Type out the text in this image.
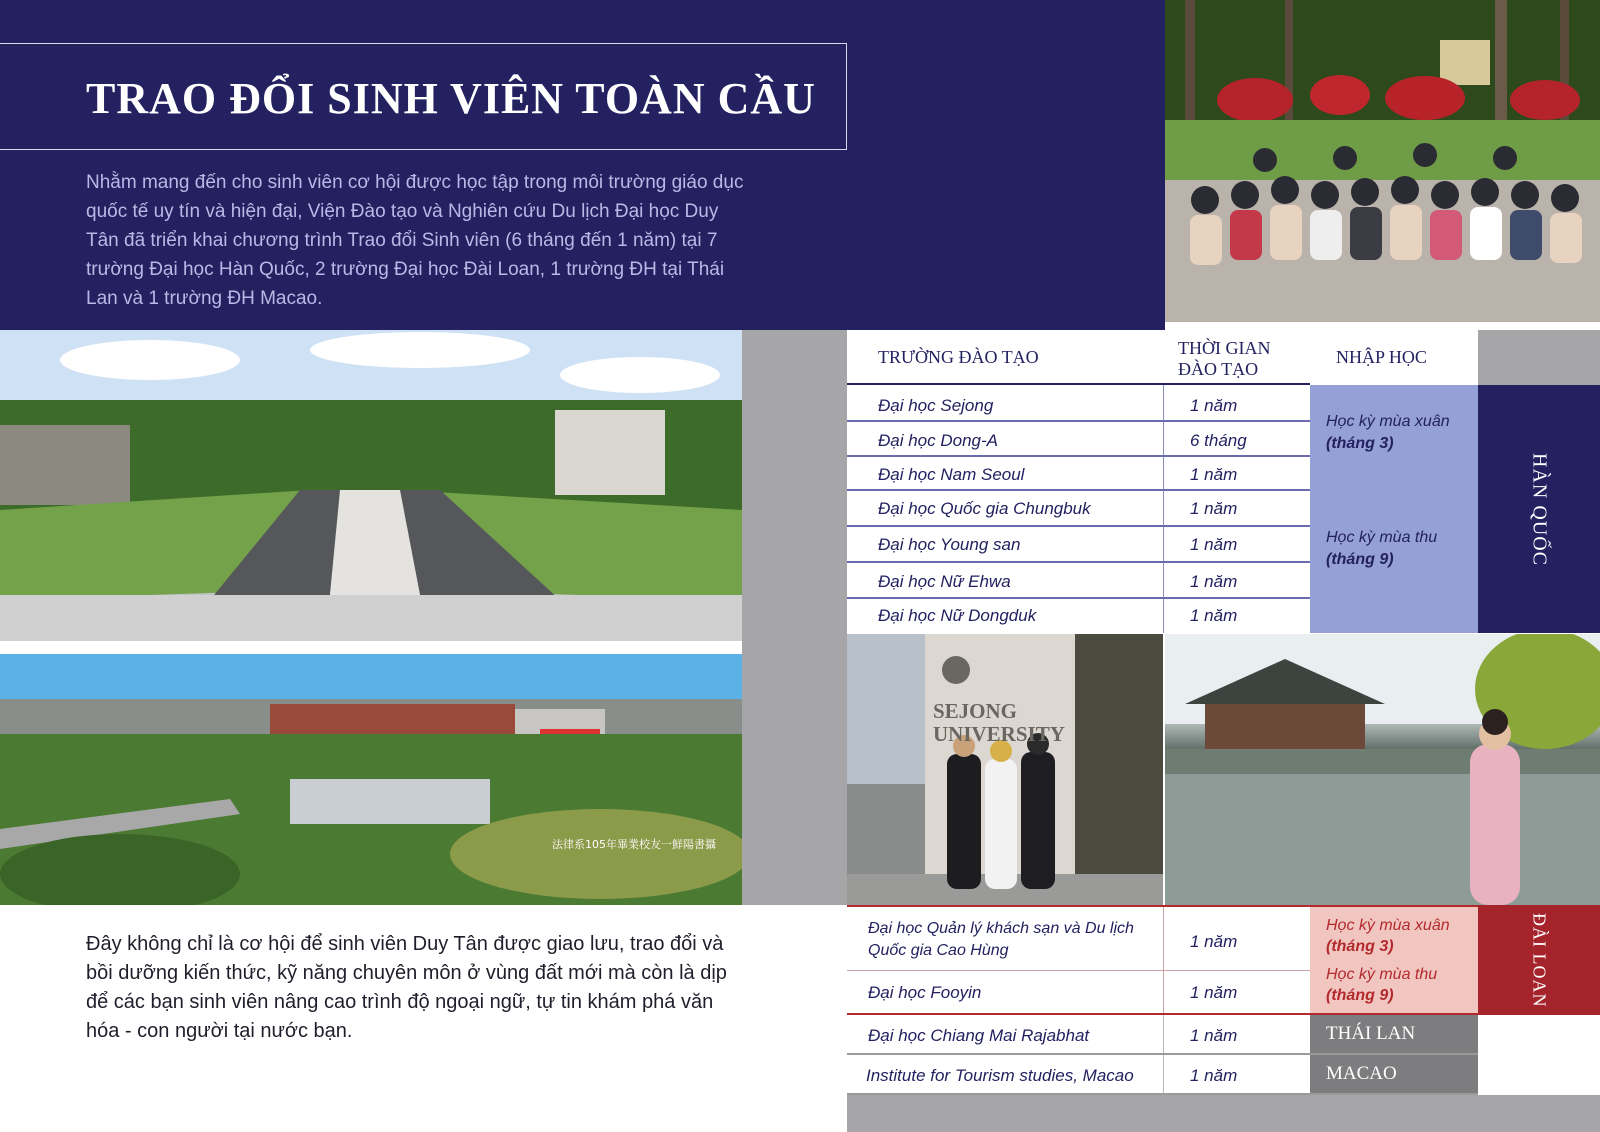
TRAO ĐỔI SINH VIÊN TOÀN CẦU

Nhằm mang đến cho sinh viên cơ hội được học tập trong môi trường giáo dục quốc tế uy tín và hiện đại, Viện Đào tạo và Nghiên cứu Du lịch Đại học Duy Tân đã triển khai chương trình Trao đổi Sinh viên (6 tháng đến 1 năm) tại 7 trường Đại học Hàn Quốc, 2 trường Đại học Đài Loan, 1 trường ĐH tại Thái Lan và 1 trường ĐH Macao.

法律系105年畢業校友一鮮陽書攝
SEJONG
UNIVERSITY

Đây không chỉ là cơ hội để sinh viên Duy Tân được giao lưu, trao đổi và bồi dưỡng kiến thức, kỹ năng chuyên môn ở vùng đất mới mà còn là dịp để các bạn sinh viên nâng cao trình độ ngoại ngữ, tự tin khám phá văn hóa - con người tại nước bạn.

TRƯỜNG ĐÀO TẠO	THỜI GIAN ĐÀO TẠO
NHẬP HỌC
Đại học Sejong	1 năm
Đại học Dong-A	6 tháng
Đại học Nam Seoul	1 năm
Đại học Quốc gia Chungbuk	1 năm
Đại học Young san	1 năm
Đại học Nữ Ehwa	1 năm
Đại học Nữ Dongduk	1 năm
Học kỳ mùa xuân
(tháng 3)
Học kỳ mùa thu
(tháng 9)	HÀN QUỐC
Đại học Quản lý khách sạn và Du lịch
Quốc gia Cao Hùng	1 năm
Đại học Fooyin	1 năm
Học kỳ mùa xuân
(tháng 3)
Học kỳ mùa thu
(tháng 9)	ĐÀI LOAN
Đại học Chiang Mai Rajabhat	1 năm	THÁI LAN
Institute for Tourism studies, Macao	1 năm	MACAO
